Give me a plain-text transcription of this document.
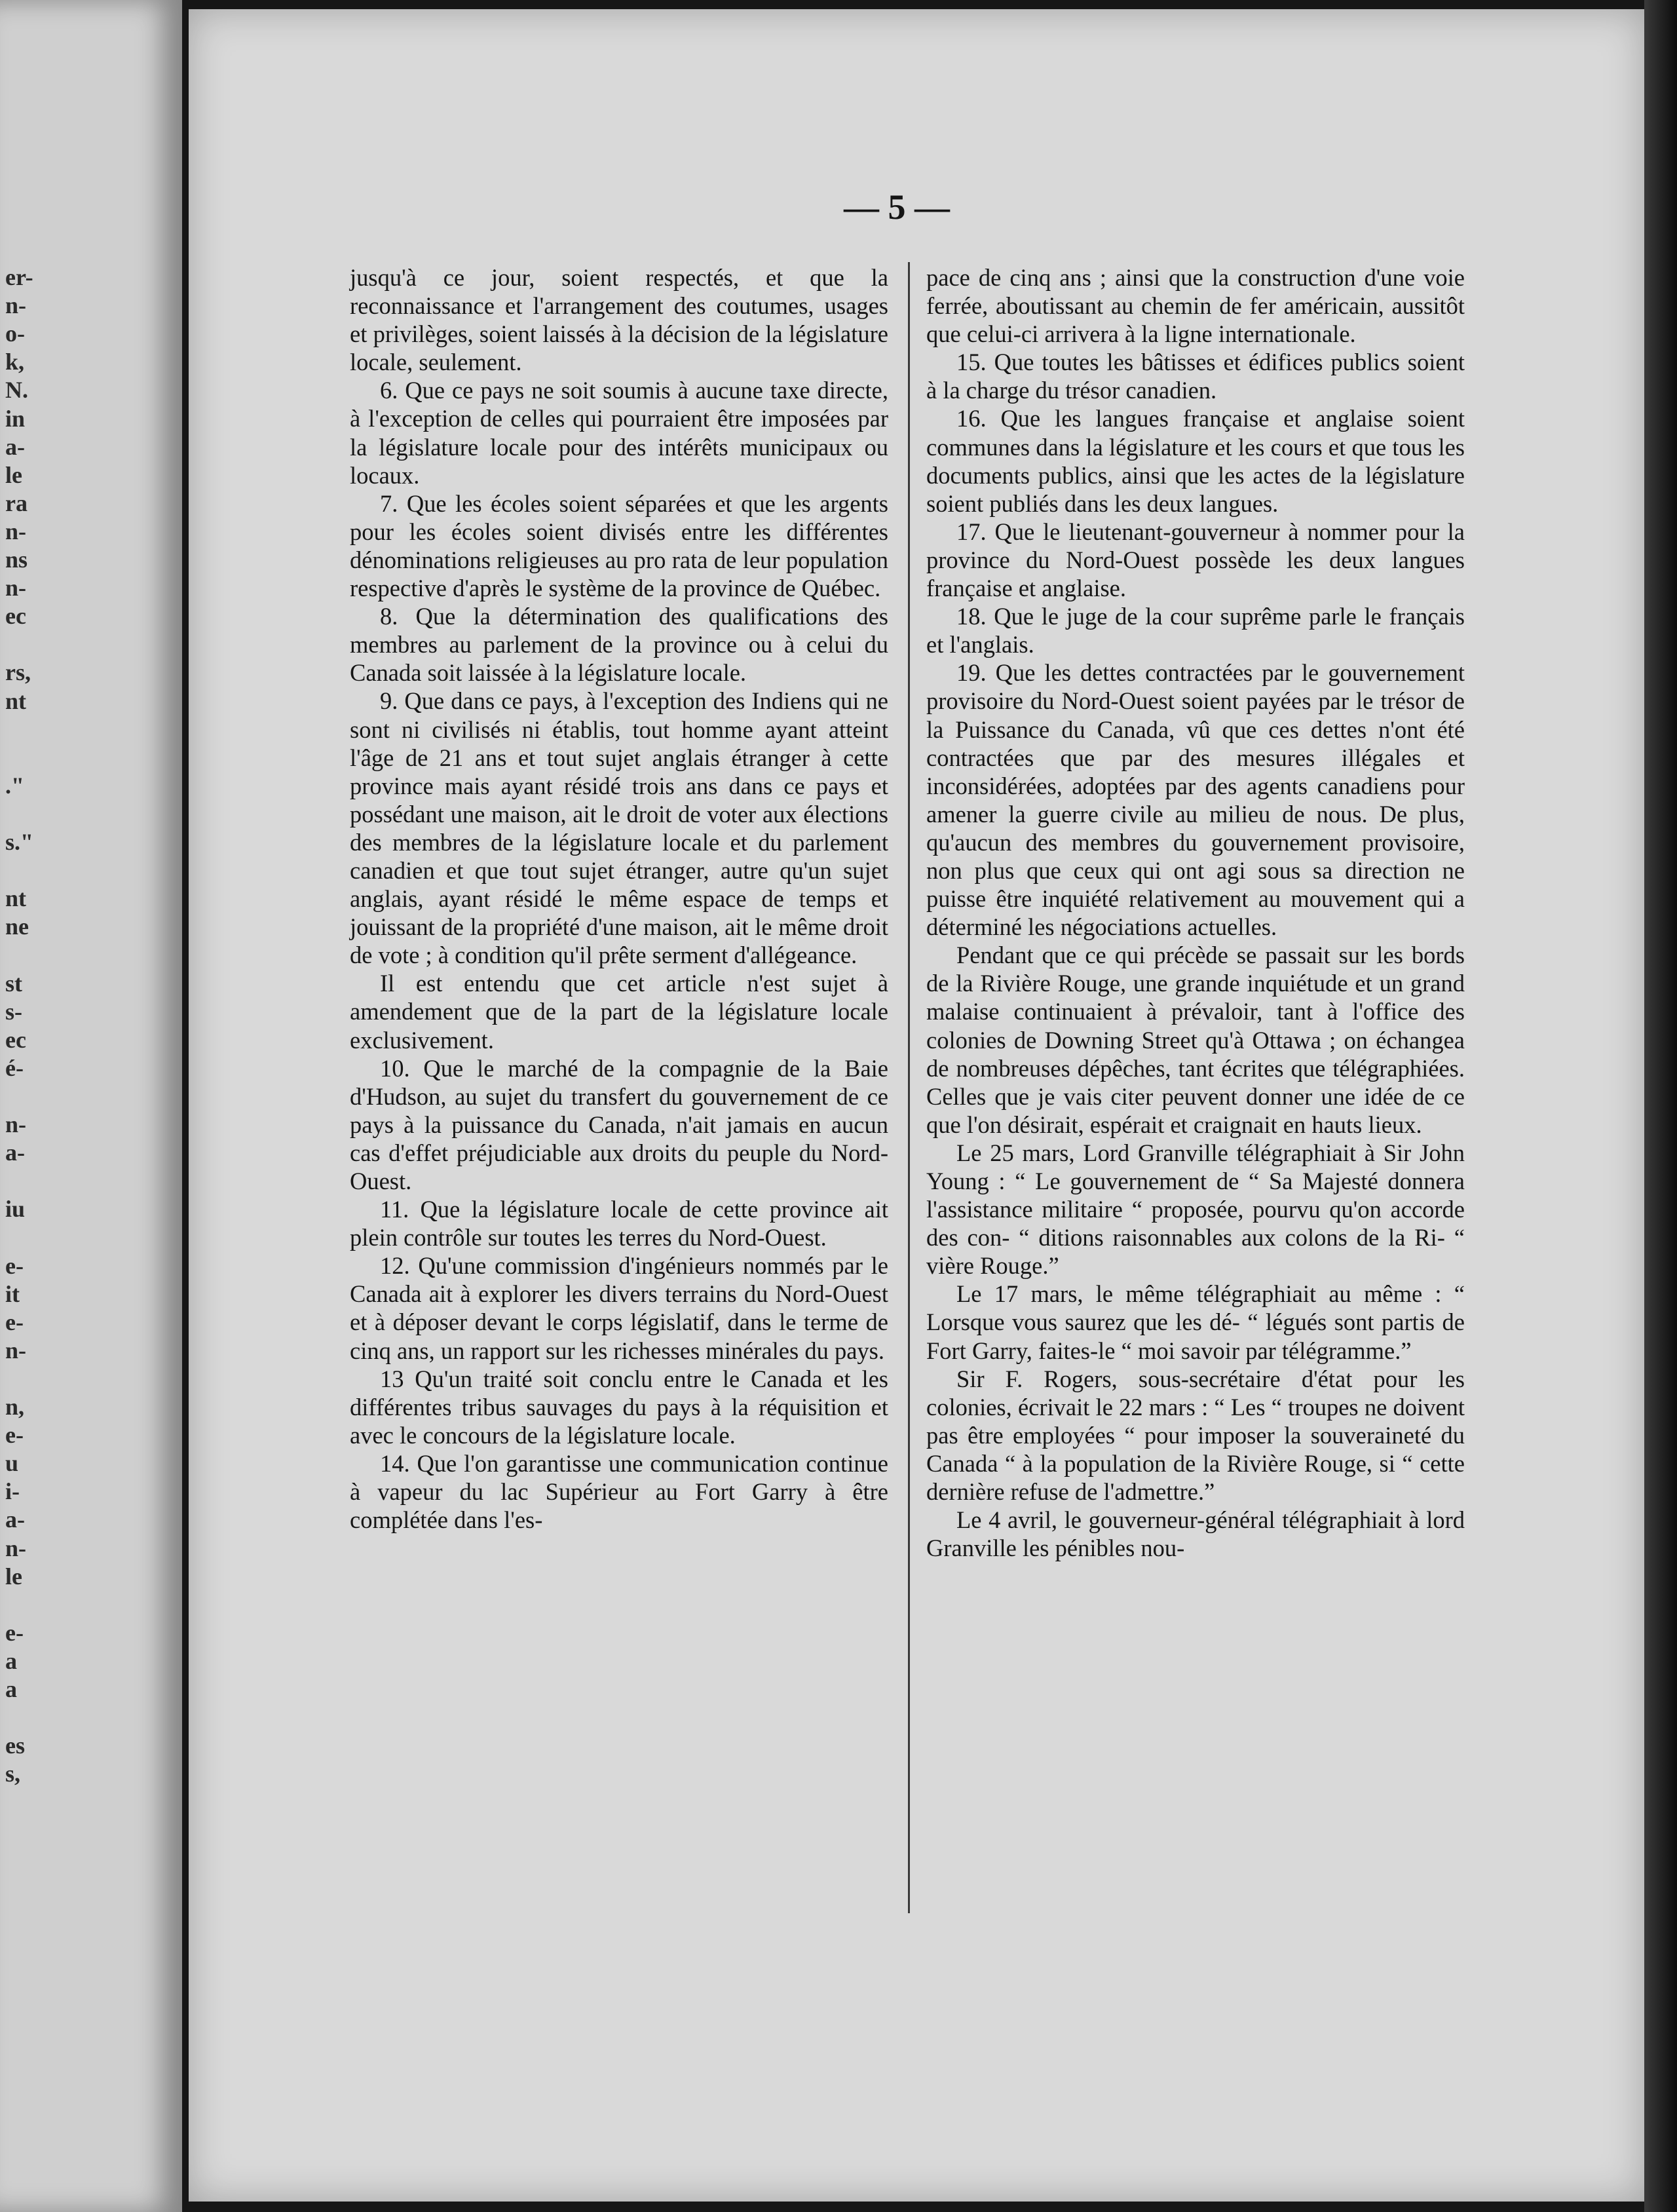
er-
n-
o-
k,
N.
in
a-
le
ra
n-
ns
n-
ec
rs,
nt
."
s."
nt
ne
st
s-
ec
é-
n-
a-
iu
e-
it
e-
n-
n,
e-
u
i-
a-
n-
le
e-
a
a
es
s,
— 5 —

jusqu'à ce jour, soient respectés, et que la reconnaissance et l'arrangement des coutumes, usages et privilèges, soient laissés à la décision de la législature locale, seulement.

6. Que ce pays ne soit soumis à aucune taxe directe, à l'exception de celles qui pourraient être imposées par la législature locale pour des intérêts municipaux ou locaux.

7. Que les écoles soient séparées et que les argents pour les écoles soient divisés entre les différentes dénominations religieuses au pro rata de leur population respective d'après le système de la province de Québec.

8. Que la détermination des qualifications des membres au parlement de la province ou à celui du Canada soit laissée à la législature locale.

9. Que dans ce pays, à l'exception des Indiens qui ne sont ni civilisés ni établis, tout homme ayant atteint l'âge de 21 ans et tout sujet anglais étranger à cette province mais ayant résidé trois ans dans ce pays et possédant une maison, ait le droit de voter aux élections des membres de la législature locale et du parlement canadien et que tout sujet étranger, autre qu'un sujet anglais, ayant résidé le même espace de temps et jouissant de la propriété d'une maison, ait le même droit de vote ; à condition qu'il prête serment d'allégeance.

Il est entendu que cet article n'est sujet à amendement que de la part de la législature locale exclusivement.

10. Que le marché de la compagnie de la Baie d'Hudson, au sujet du transfert du gouvernement de ce pays à la puissance du Canada, n'ait jamais en aucun cas d'effet préjudiciable aux droits du peuple du Nord-Ouest.

11. Que la législature locale de cette province ait plein contrôle sur toutes les terres du Nord-Ouest.

12. Qu'une commission d'ingénieurs nommés par le Canada ait à explorer les divers terrains du Nord-Ouest et à déposer devant le corps législatif, dans le terme de cinq ans, un rapport sur les richesses minérales du pays.

13 Qu'un traité soit conclu entre le Canada et les différentes tribus sauvages du pays à la réquisition et avec le concours de la législature locale.

14. Que l'on garantisse une communication continue à vapeur du lac Supérieur au Fort Garry à être complétée dans l'es-

pace de cinq ans ; ainsi que la construction d'une voie ferrée, aboutissant au chemin de fer américain, aussitôt que celui-ci arrivera à la ligne internationale.

15. Que toutes les bâtisses et édifices publics soient à la charge du trésor canadien.

16. Que les langues française et anglaise soient communes dans la législature et les cours et que tous les documents publics, ainsi que les actes de la législature soient publiés dans les deux langues.

17. Que le lieutenant-gouverneur à nommer pour la province du Nord-Ouest possède les deux langues française et anglaise.

18. Que le juge de la cour suprême parle le français et l'anglais.

19. Que les dettes contractées par le gouvernement provisoire du Nord-Ouest soient payées par le trésor de la Puissance du Canada, vû que ces dettes n'ont été contractées que par des mesures illégales et inconsidérées, adoptées par des agents canadiens pour amener la guerre civile au milieu de nous. De plus, qu'aucun des membres du gouvernement provisoire, non plus que ceux qui ont agi sous sa direction ne puisse être inquiété relativement au mouvement qui a déterminé les négociations actuelles.

Pendant que ce qui précède se passait sur les bords de la Rivière Rouge, une grande inquiétude et un grand malaise continuaient à prévaloir, tant à l'office des colonies de Downing Street qu'à Ottawa ; on échangea de nombreuses dépêches, tant écrites que télégraphiées. Celles que je vais citer peuvent donner une idée de ce que l'on désirait, espérait et craignait en hauts lieux.

Le 25 mars, Lord Granville télégraphiait à Sir John Young : “ Le gouvernement de “ Sa Majesté donnera l'assistance militaire “ proposée, pourvu qu'on accorde des con- “ ditions raisonnables aux colons de la Ri- “ vière Rouge.”

Le 17 mars, le même télégraphiait au même : “ Lorsque vous saurez que les dé- “ légués sont partis de Fort Garry, faites-le “ moi savoir par télégramme.”

Sir F. Rogers, sous-secrétaire d'état pour les colonies, écrivait le 22 mars : “ Les “ troupes ne doivent pas être employées “ pour imposer la souveraineté du Canada “ à la population de la Rivière Rouge, si “ cette dernière refuse de l'admettre.”

Le 4 avril, le gouverneur-général télégraphiait à lord Granville les pénibles nou-
